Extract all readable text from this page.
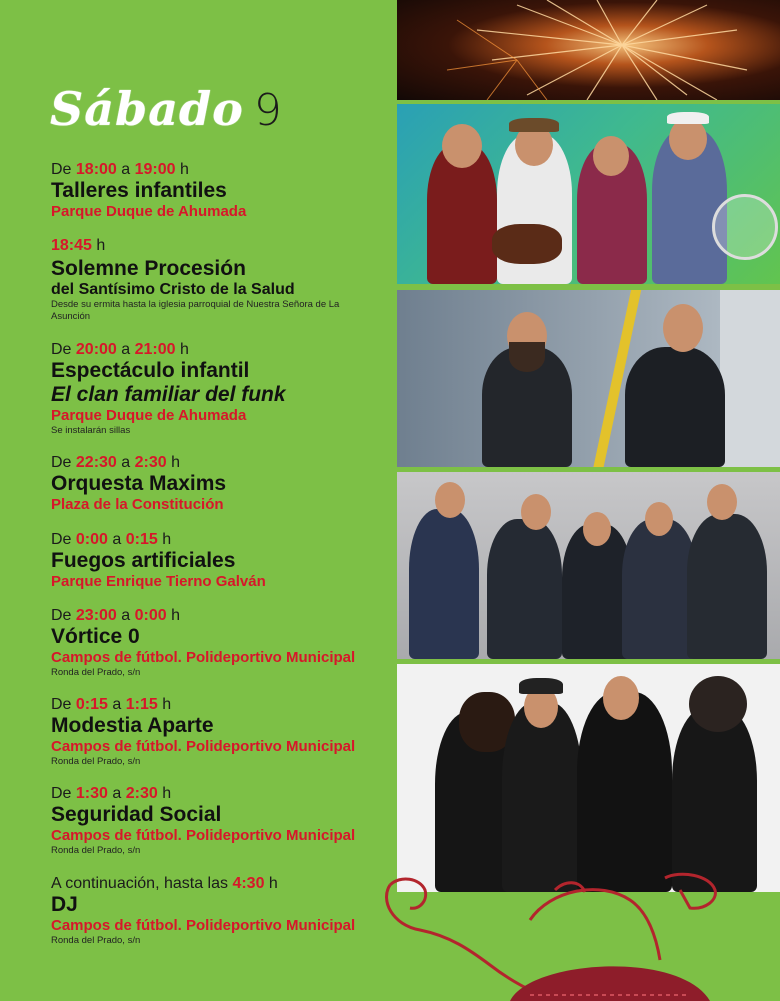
Sábado 9
De 18:00 a 19:00 h
Talleres infantiles
Parque Duque de Ahumada
18:45 h
Solemne Procesión
del Santísimo Cristo de la Salud
Desde su ermita hasta la iglesia parroquial de Nuestra Señora de La Asunción
De 20:00 a 21:00 h
Espectáculo infantil
El clan familiar del funk
Parque Duque de Ahumada
Se instalarán sillas
De 22:30 a 2:30 h
Orquesta Maxims
Plaza de la Constitución
De 0:00 a 0:15 h
Fuegos artificiales
Parque Enrique Tierno Galván
De 23:00 a 0:00 h
Vórtice 0
Campos de fútbol. Polideportivo Municipal
Ronda del Prado, s/n
De 0:15 a 1:15 h
Modestia Aparte
Campos de fútbol. Polideportivo Municipal
Ronda del Prado, s/n
De 1:30 a 2:30 h
Seguridad Social
Campos de fútbol. Polideportivo Municipal
Ronda del Prado, s/n
A continuación, hasta las 4:30 h
DJ
Campos de fútbol. Polideportivo Municipal
Ronda del Prado, s/n
